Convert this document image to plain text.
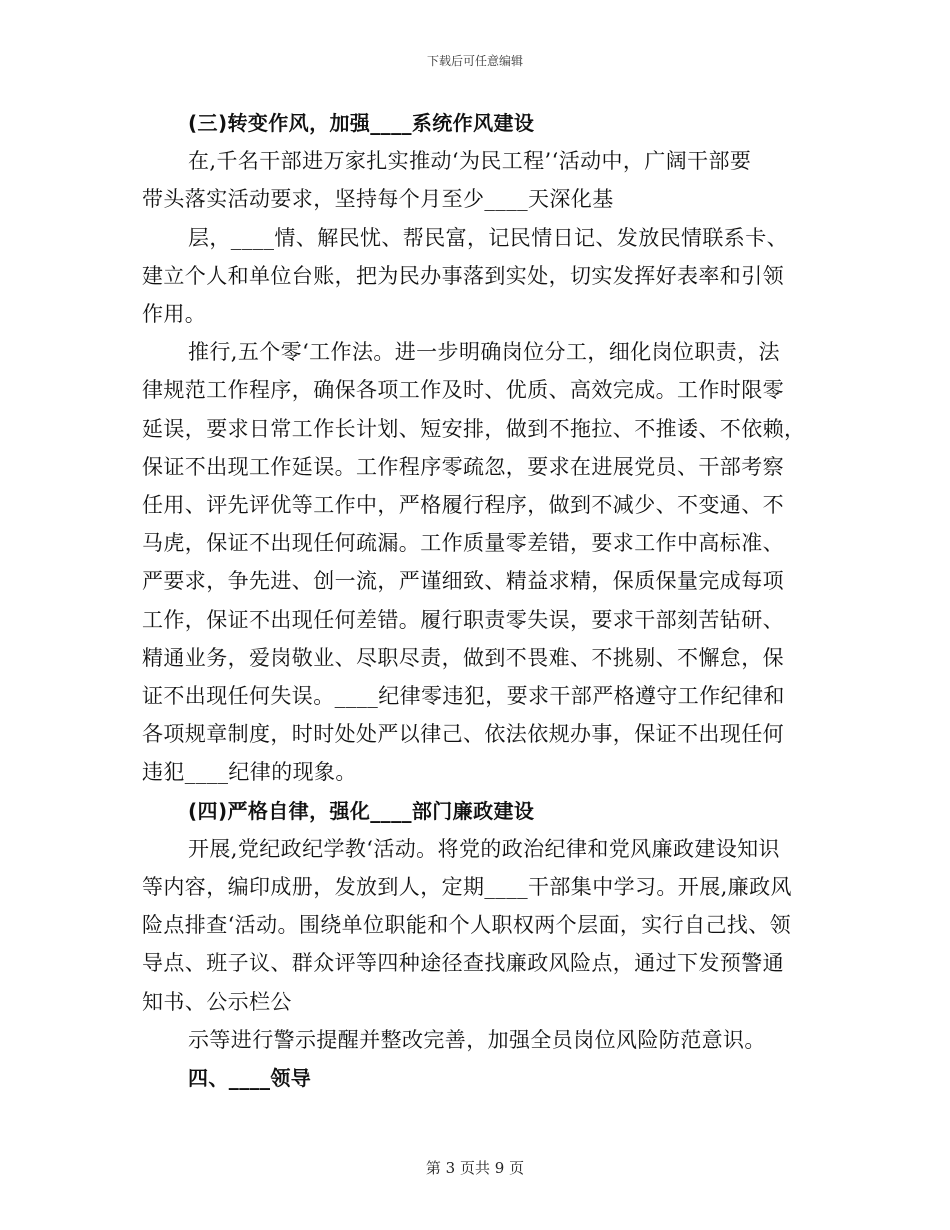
下载后可任意编辑

(三)转变作风，加强____系统作风建设

在,千名干部进万家扎实推动‘为民工程’‘活动中，广阔干部要
带头落实活动要求，坚持每个月至少____天深化基

层，____情、解民忧、帮民富，记民情日记、发放民情联系卡、
建立个人和单位台账，把为民办事落到实处，切实发挥好表率和引领
作用。

推行,五个零‘工作法。进一步明确岗位分工，细化岗位职责，法
律规范工作程序，确保各项工作及时、优质、高效完成。工作时限零
延误，要求日常工作长计划、短安排，做到不拖拉、不推诿、不依赖，
保证不出现工作延误。工作程序零疏忽，要求在进展党员、干部考察
任用、评先评优等工作中，严格履行程序，做到不减少、不变通、不
马虎，保证不出现任何疏漏。工作质量零差错，要求工作中高标准、
严要求，争先进、创一流，严谨细致、精益求精，保质保量完成每项
工作，保证不出现任何差错。履行职责零失误，要求干部刻苦钻研、
精通业务，爱岗敬业、尽职尽责，做到不畏难、不挑剔、不懈怠，保
证不出现任何失误。____纪律零违犯，要求干部严格遵守工作纪律和
各项规章制度，时时处处严以律己、依法依规办事，保证不出现任何
违犯____纪律的现象。

(四)严格自律，强化____部门廉政建设

开展,党纪政纪学教‘活动。将党的政治纪律和党风廉政建设知识
等内容，编印成册，发放到人，定期____干部集中学习。开展,廉政风
险点排查‘活动。围绕单位职能和个人职权两个层面，实行自己找、领
导点、班子议、群众评等四种途径查找廉政风险点，通过下发预警通
知书、公示栏公

示等进行警示提醒并整改完善，加强全员岗位风险防范意识。

四、____领导

第 3 页共 9 页
